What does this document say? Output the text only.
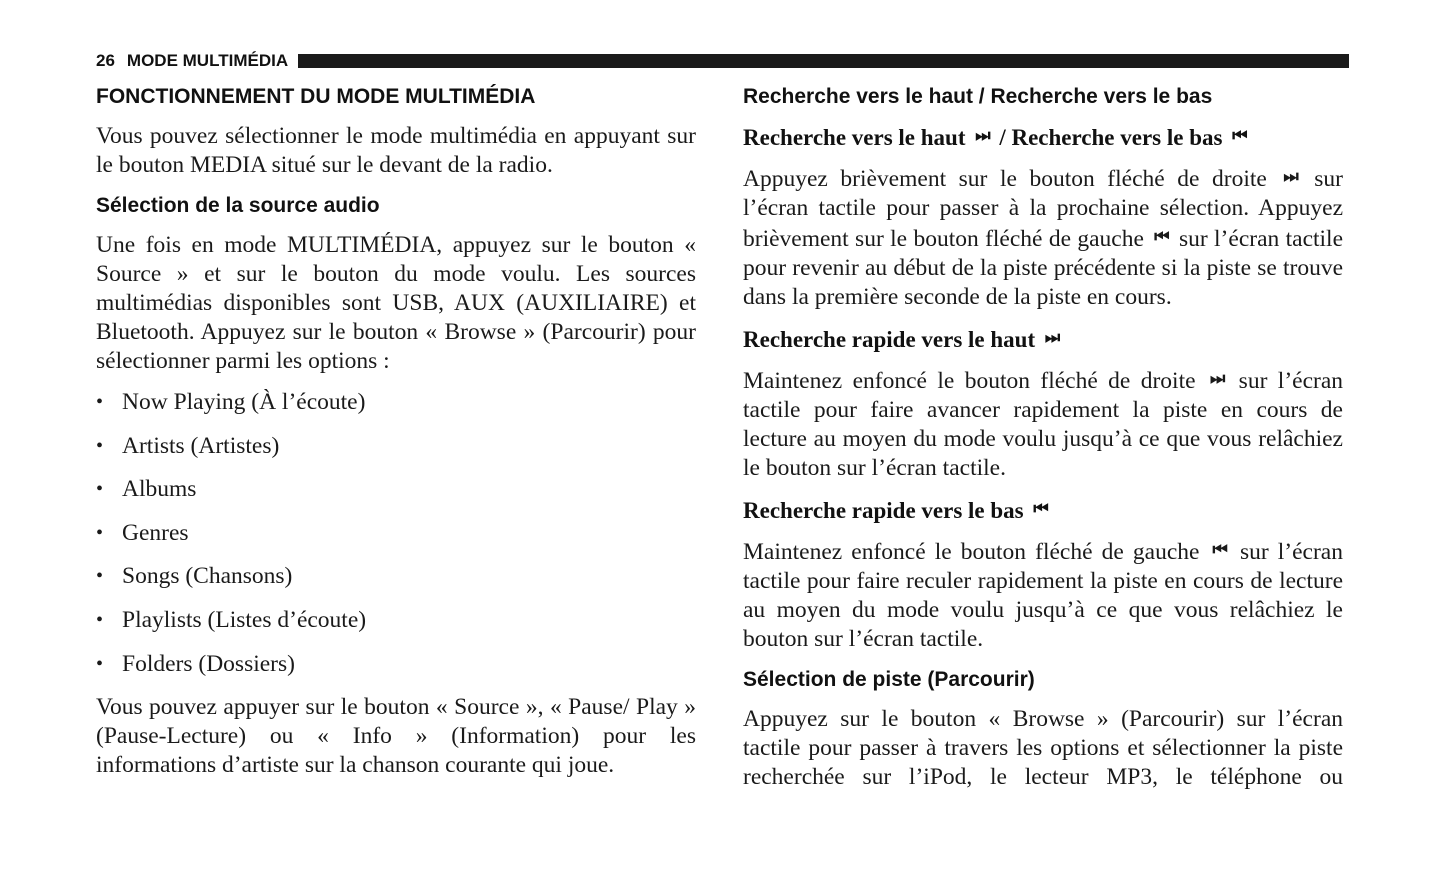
26 MODE MULTIMÉDIA
FONCTIONNEMENT DU MODE MULTIMÉDIA

Vous pouvez sélectionner le mode multimédia en appuyant sur le bouton MEDIA situé sur le devant de la radio.

Sélection de la source audio

Une fois en mode MULTIMÉDIA, appuyez sur le bouton « Source » et sur le bouton du mode voulu. Les sources multimédias disponibles sont USB, AUX (AUXILIAIRE) et Bluetooth. Appuyez sur le bouton « Browse » (Parcourir) pour sélectionner parmi les options :

• Now Playing (À l’écoute)
• Artists (Artistes)
• Albums
• Genres
• Songs (Chansons)
• Playlists (Listes d’écoute)
• Folders (Dossiers)

Vous pouvez appuyer sur le bouton « Source », « Pause/ Play » (Pause-Lecture) ou « Info » (Information) pour les informations d’artiste sur la chanson courante qui joue.

Recherche vers le haut / Recherche vers le bas
Recherche vers le haut ⏭ / Recherche vers le bas ⏮

Appuyez brièvement sur le bouton fléché de droite ⏭ sur l’écran tactile pour passer à la prochaine sélection. Appuyez brièvement sur le bouton fléché de gauche ⏮ sur l’écran tactile pour revenir au début de la piste précédente si la piste se trouve dans la première seconde de la piste en cours.

Recherche rapide vers le haut ⏭

Maintenez enfoncé le bouton fléché de droite ⏭ sur l’écran tactile pour faire avancer rapidement la piste en cours de lecture au moyen du mode voulu jusqu’à ce que vous relâchiez le bouton sur l’écran tactile.

Recherche rapide vers le bas ⏮

Maintenez enfoncé le bouton fléché de gauche ⏮ sur l’écran tactile pour faire reculer rapidement la piste en cours de lecture au moyen du mode voulu jusqu’à ce que vous relâchiez le bouton sur l’écran tactile.

Sélection de piste (Parcourir)

Appuyez sur le bouton « Browse » (Parcourir) sur l’écran tactile pour passer à travers les options et sélectionner la piste recherchée sur l’iPod, le lecteur MP3, le téléphone ou
